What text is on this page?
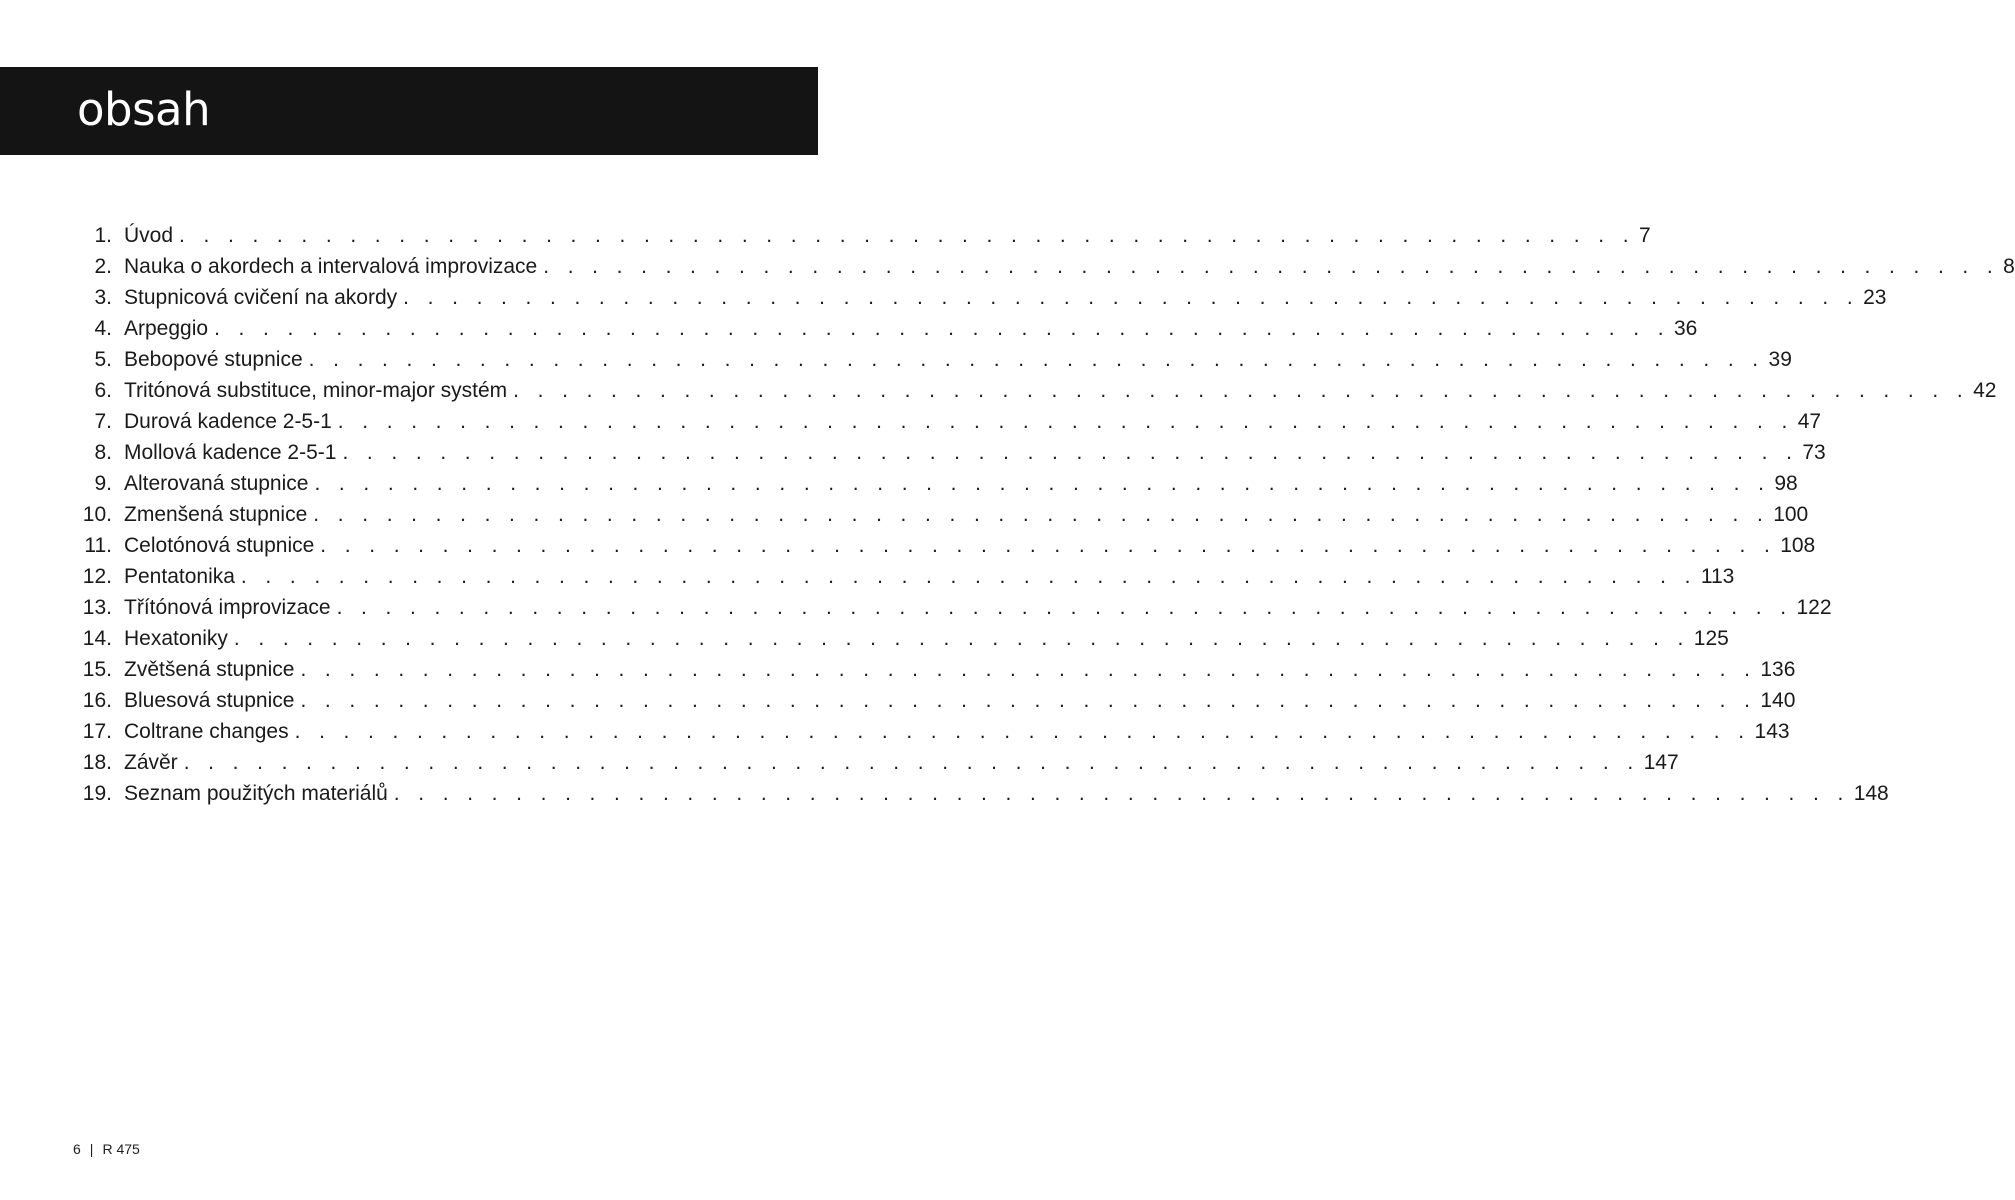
obsah
1. Úvod . . . . . . . . . . . . . . . . . . . . . . . . . . . . . . . . . . . . . . . . . . . . . . . . . . . . . . . . . . . . 7
2. Nauka o akordech a intervalová improvizace . . . . . . . . . . . . . . . . . . . . . . . . . . . . . . . . . . . . . . . . . . . . . . . . . . . . . . . . . . . . 8
3. Stupnicová cvičení na akordy . . . . . . . . . . . . . . . . . . . . . . . . . . . . . . . . . . . . . . . . . . . . . . . . . . . . . . . . . . . . 23
4. Arpeggio . . . . . . . . . . . . . . . . . . . . . . . . . . . . . . . . . . . . . . . . . . . . . . . . . . . . . . . . . . . . 36
5. Bebopové stupnice . . . . . . . . . . . . . . . . . . . . . . . . . . . . . . . . . . . . . . . . . . . . . . . . . . . . . . . . . . . . 39
6. Tritónová substituce, minor-major systém . . . . . . . . . . . . . . . . . . . . . . . . . . . . . . . . . . . . . . . . . . . . . . . . . . . . . . . . . . . . 42
7. Durová kadence 2-5-1 . . . . . . . . . . . . . . . . . . . . . . . . . . . . . . . . . . . . . . . . . . . . . . . . . . . . . . . . . . . . 47
8. Mollová kadence 2-5-1 . . . . . . . . . . . . . . . . . . . . . . . . . . . . . . . . . . . . . . . . . . . . . . . . . . . . . . . . . . . . 73
9. Alterovaná stupnice . . . . . . . . . . . . . . . . . . . . . . . . . . . . . . . . . . . . . . . . . . . . . . . . . . . . . . . . . . . . 98
10. Zmenšená stupnice . . . . . . . . . . . . . . . . . . . . . . . . . . . . . . . . . . . . . . . . . . . . . . . . . . . . . . . . . . . . 100
11. Celotónová stupnice . . . . . . . . . . . . . . . . . . . . . . . . . . . . . . . . . . . . . . . . . . . . . . . . . . . . . . . . . . . . 108
12. Pentatonika . . . . . . . . . . . . . . . . . . . . . . . . . . . . . . . . . . . . . . . . . . . . . . . . . . . . . . . . . . . . 113
13. Třítónová improvizace . . . . . . . . . . . . . . . . . . . . . . . . . . . . . . . . . . . . . . . . . . . . . . . . . . . . . . . . . . . . 122
14. Hexatoniky . . . . . . . . . . . . . . . . . . . . . . . . . . . . . . . . . . . . . . . . . . . . . . . . . . . . . . . . . . . . 125
15. Zvětšená stupnice . . . . . . . . . . . . . . . . . . . . . . . . . . . . . . . . . . . . . . . . . . . . . . . . . . . . . . . . . . . . 136
16. Bluesová stupnice . . . . . . . . . . . . . . . . . . . . . . . . . . . . . . . . . . . . . . . . . . . . . . . . . . . . . . . . . . . . 140
17. Coltrane changes . . . . . . . . . . . . . . . . . . . . . . . . . . . . . . . . . . . . . . . . . . . . . . . . . . . . . . . . . . . . 143
18. Závěr . . . . . . . . . . . . . . . . . . . . . . . . . . . . . . . . . . . . . . . . . . . . . . . . . . . . . . . . . . . . 147
19. Seznam použitých materiálů . . . . . . . . . . . . . . . . . . . . . . . . . . . . . . . . . . . . . . . . . . . . . . . . . . . . . . . . . . . . 148
6 | R 475
